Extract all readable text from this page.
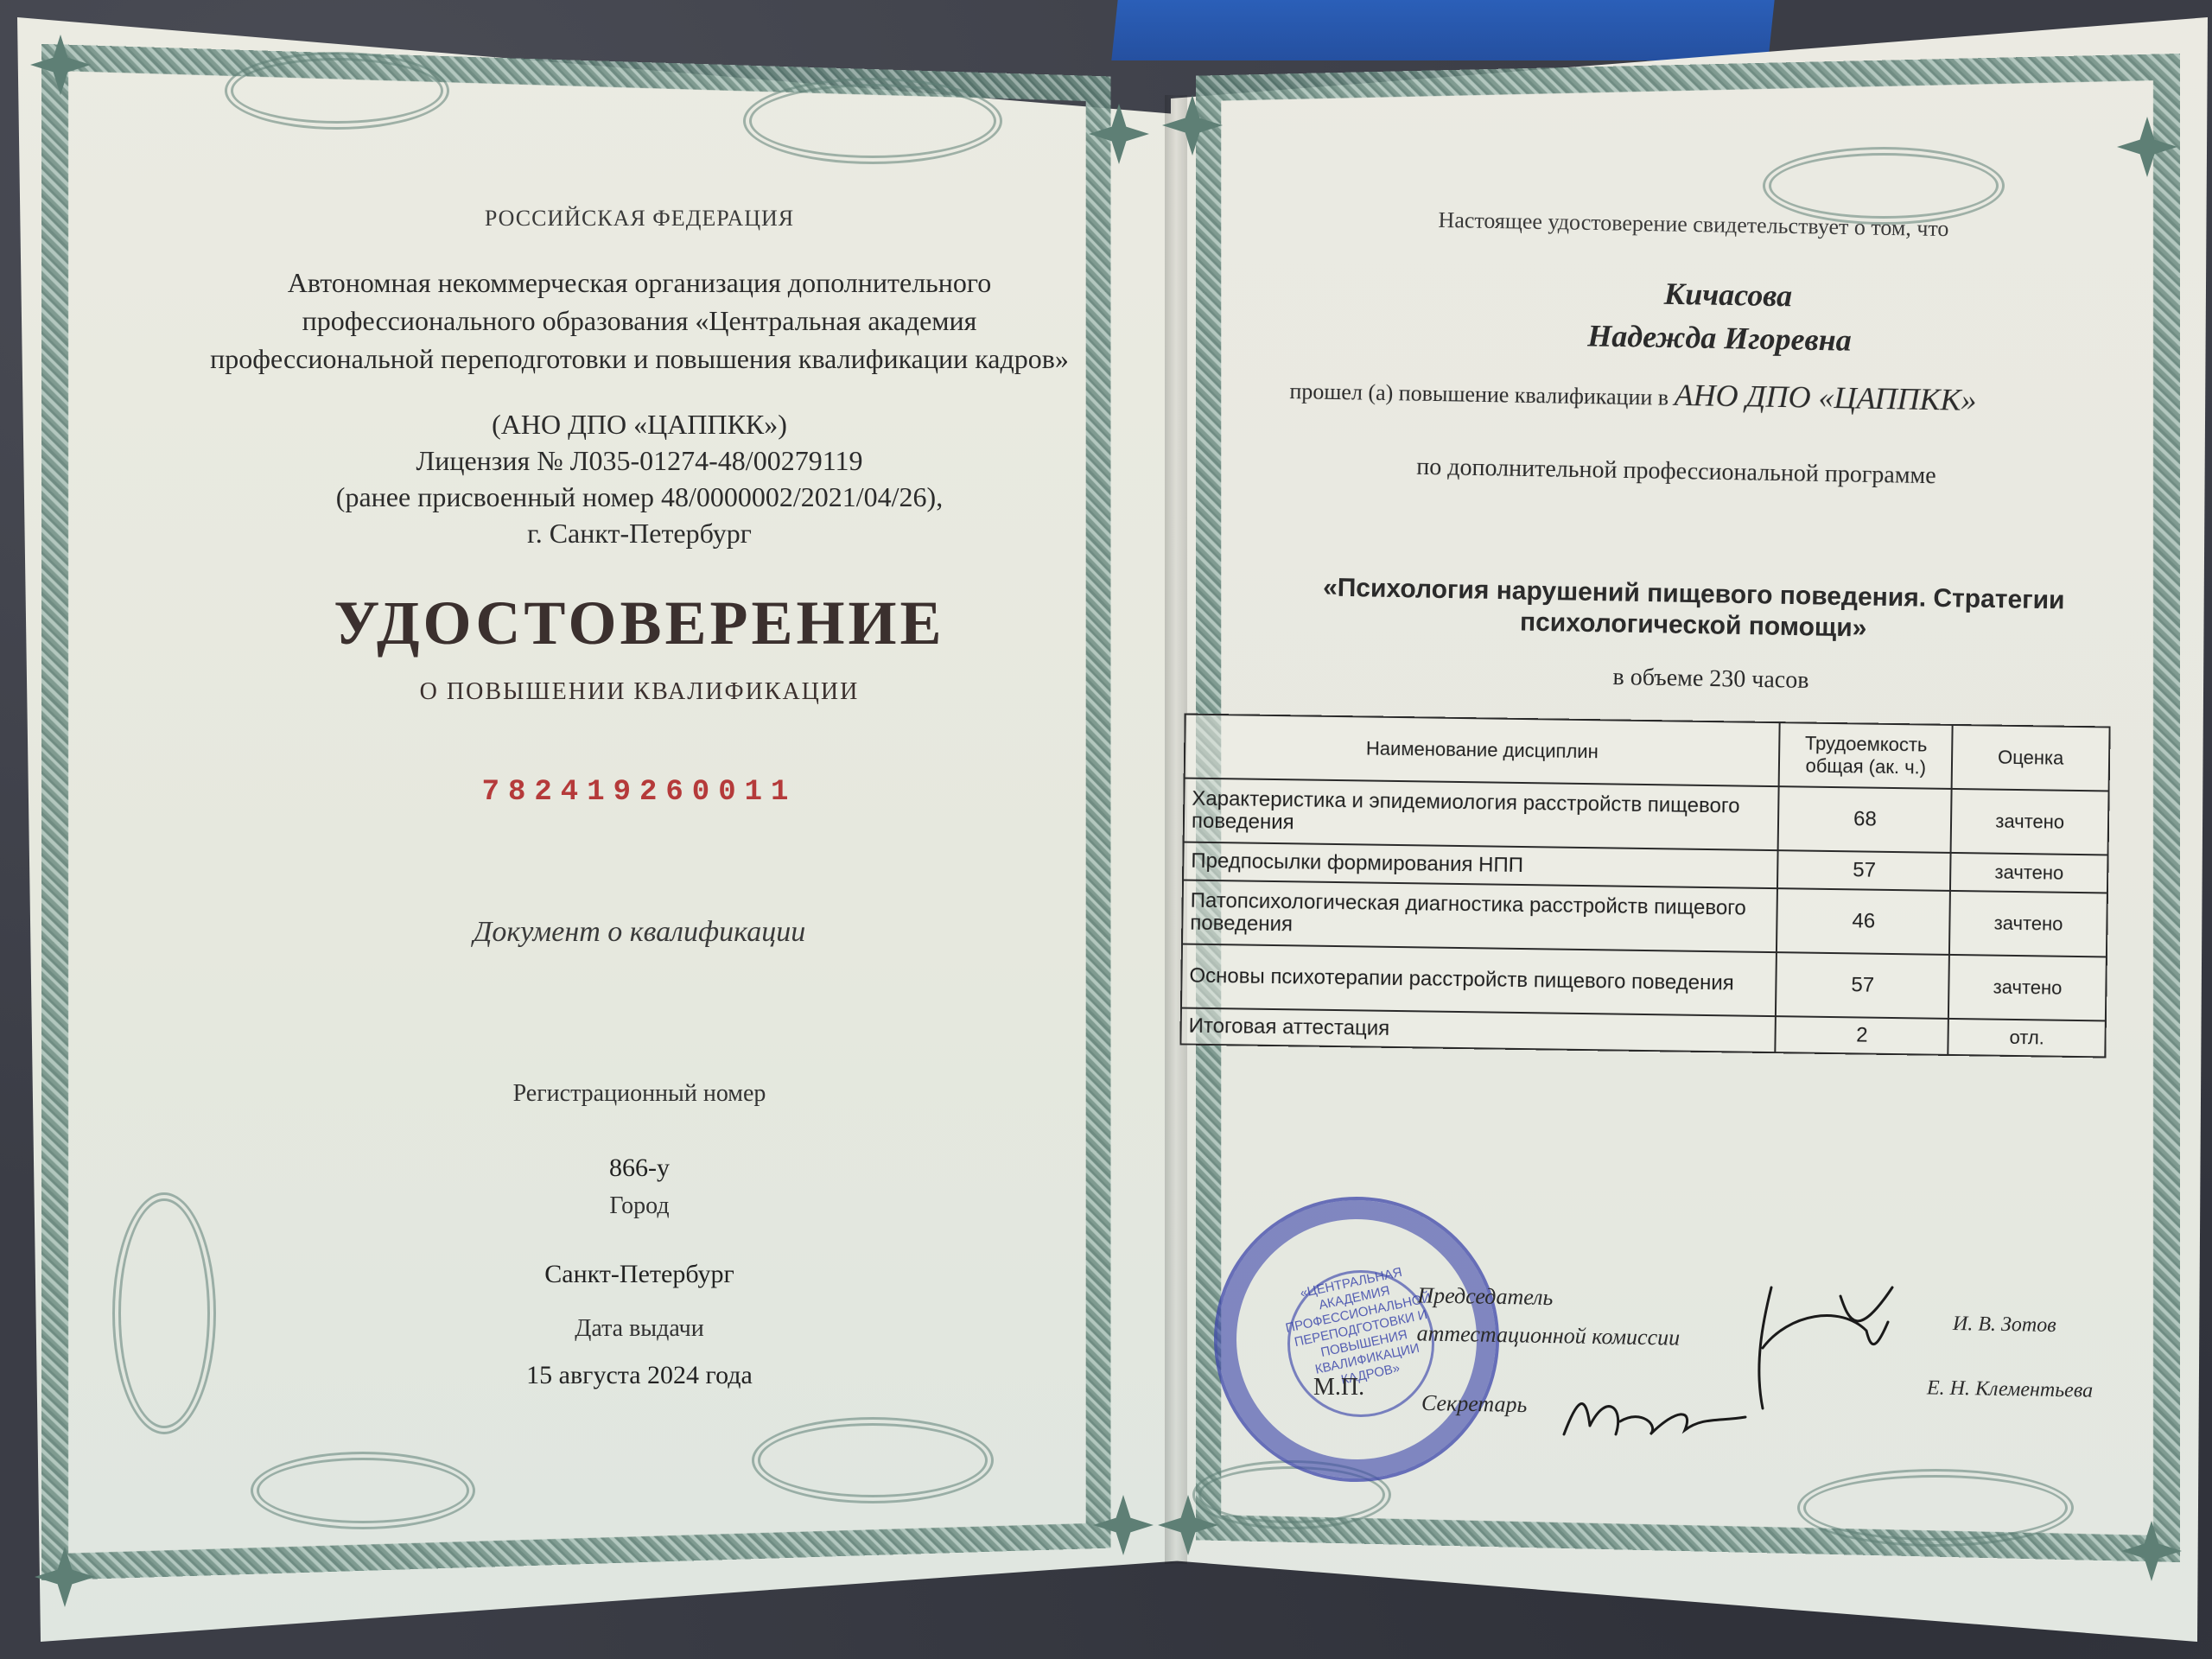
РОССИЙСКАЯ ФЕДЕРАЦИЯ
Автономная некоммерческая организация дополнительного
профессионального образования «Центральная академия
профессиональной переподготовки и повышения квалификации кадров»
(АНО ДПО «ЦАППКК»)
Лицензия № Л035-01274-48/00279119
(ранее присвоенный номер 48/0000002/2021/04/26),
г. Санкт-Петербург
УДОСТОВЕРЕНИЕ
О ПОВЫШЕНИИ КВАЛИФИКАЦИИ
782419260011
Документ о квалификации
Регистрационный номер
866-у
Город
Санкт-Петербург
Дата выдачи
15 августа 2024 года
Настоящее удостоверение свидетельствует о том, что
Кичасова
Надежда Игоревна
прошел (а) повышение квалификации в АНО ДПО «ЦАППКК»
по дополнительной профессиональной программе
«Психология нарушений пищевого поведения. Стратегии
психологической помощи»
в объеме 230 часов
Наименование дисциплин	Трудоемкость общая (ак. ч.)	Оценка
Характеристика и эпидемиология расстройств пищевого поведения	68	зачтено
Предпосылки формирования НПП	57	зачтено
Патопсихологическая диагностика расстройств пищевого поведения	46	зачтено
Основы психотерапии расстройств пищевого поведения	57	зачтено
Итоговая аттестация	2	отл.
«ЦЕНТРАЛЬНАЯ АКАДЕМИЯ ПРОФЕССИОНАЛЬНОЙ ПЕРЕПОДГОТОВКИ И ПОВЫШЕНИЯ КВАЛИФИКАЦИИ КАДРОВ»
Председатель
аттестационной комиссии	И. В. Зотов
М.П.
Секретарь
Е. Н. Клементьева
